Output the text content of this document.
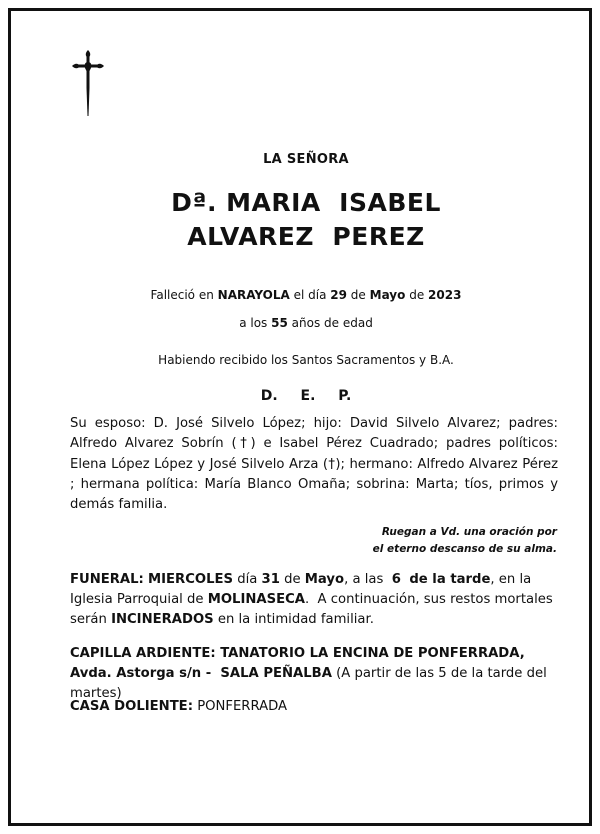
LA SEÑORA
Dª. MARIA  ISABEL
ALVAREZ  PEREZ
Falleció en NARAYOLA el día 29 de Mayo de 2023
a los 55 años de edad
Habiendo recibido los Santos Sacramentos y B.A.
D. E. P.
Su esposo: D. José Silvelo López; hijo: David Silvelo Alvarez; padres: Alfredo Alvarez Sobrín (†) e Isabel Pérez Cuadrado; padres políticos: Elena López López y José Silvelo Arza (†); hermano: Alfredo Alvarez Pérez ; hermana política: María Blanco Omaña; sobrina: Marta; tíos, primos y demás familia.
Ruegan a Vd. una oración por
el eterno descanso de su alma.
FUNERAL: MIERCOLES día 31 de Mayo, a las 6 de la tarde, en la Iglesia Parroquial de MOLINASECA.  A continuación, sus restos mortales serán INCINERADOS en la intimidad familiar.
CAPILLA ARDIENTE: TANATORIO LA ENCINA DE PONFERRADA, Avda. Astorga s/n -  SALA PEÑALBA (A partir de las 5 de la tarde del martes)
CASA DOLIENTE: PONFERRADA
